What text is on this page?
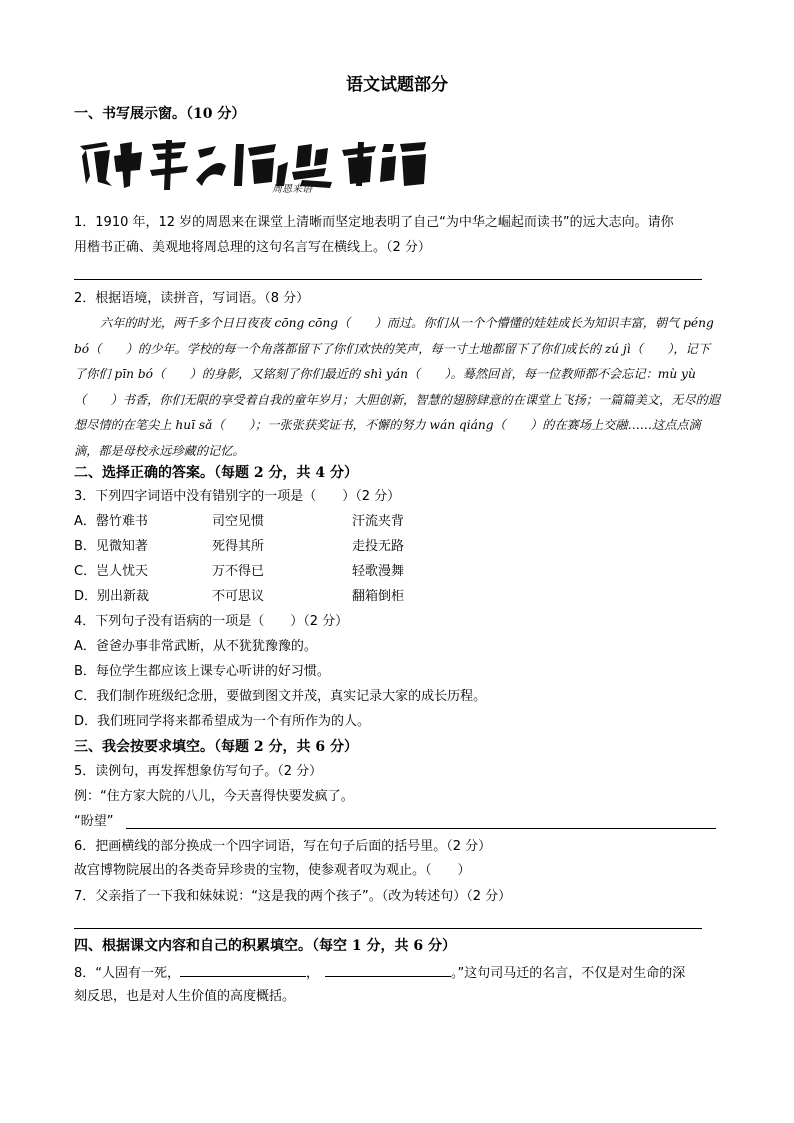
语文试题部分
一、书写展示窗。（10 分）
周恩来语
1．1910 年，12 岁的周恩来在课堂上清晰而坚定地表明了自己“为中华之崛起而读书”的远大志向。请你
用楷书正确、美观地将周总理的这句名言写在横线上。（2 分）
2．根据语境，读拼音，写词语。（8 分）
六年的时光，两千多个日日夜夜 cōng cōng（　　）而过。你们从一个个懵懂的娃娃成长为知识丰富，朝气 péng bó（　　）的少年。学校的每一个角落都留下了你们欢快的笑声，每一寸土地都留下了你们成长的 zú jì（　　），记下了你们 pīn bó（　　）的身影，又铭刻了你们最近的 shì yán（　　）。蓦然回首，每一位教师都不会忘记：mù yù（　　）书香，你们无限的享受着自我的童年岁月；大胆创新，智慧的翅膀肆意的在课堂上飞扬；一篇篇美文，无尽的遐想尽情的在笔尖上 huī sǎ（　　）；一张张获奖证书，不懈的努力 wán qiáng（　　）的在赛场上交融……这点点滴滴，都是母校永远珍藏的记忆。
二、选择正确的答案。（每题 2 分，共 4 分）
3．下列四字词语中没有错别字的一项是（　　）（2 分）
A．罄竹难书	司空见惯	汗流夹背
B．见微知著	死得其所	走投无路
C．岂人忧天	万不得已	轻歌漫舞
D．别出新裁	不可思议	翻箱倒柜
4．下列句子没有语病的一项是（　　）（2 分）
A．爸爸办事非常武断，从不犹犹豫豫的。
B．每位学生都应该上课专心听讲的好习惯。
C．我们制作班级纪念册，要做到图文并茂，真实记录大家的成长历程。
D．我们班同学将来都希望成为一个有所作为的人。
三、我会按要求填空。（每题 2 分，共 6 分）
5．读例句，再发挥想象仿写句子。（2 分）
例：“住方家大院的八儿，今天喜得快要发疯了。
“盼望”
6．把画横线的部分换成一个四字词语，写在句子后面的括号里。（2 分）
故宫博物院展出的各类奇异珍贵的宝物，使参观者叹为观止。（　　）
7．父亲指了一下我和妹妹说：“这是我的两个孩子”。（改为转述句）（2 分）
四、根据课文内容和自己的积累填空。（每空 1 分，共 6 分）
8．“人固有一死，	，	。”这句司马迁的名言，不仅是对生命的深
刻反思，也是对人生价值的高度概括。
